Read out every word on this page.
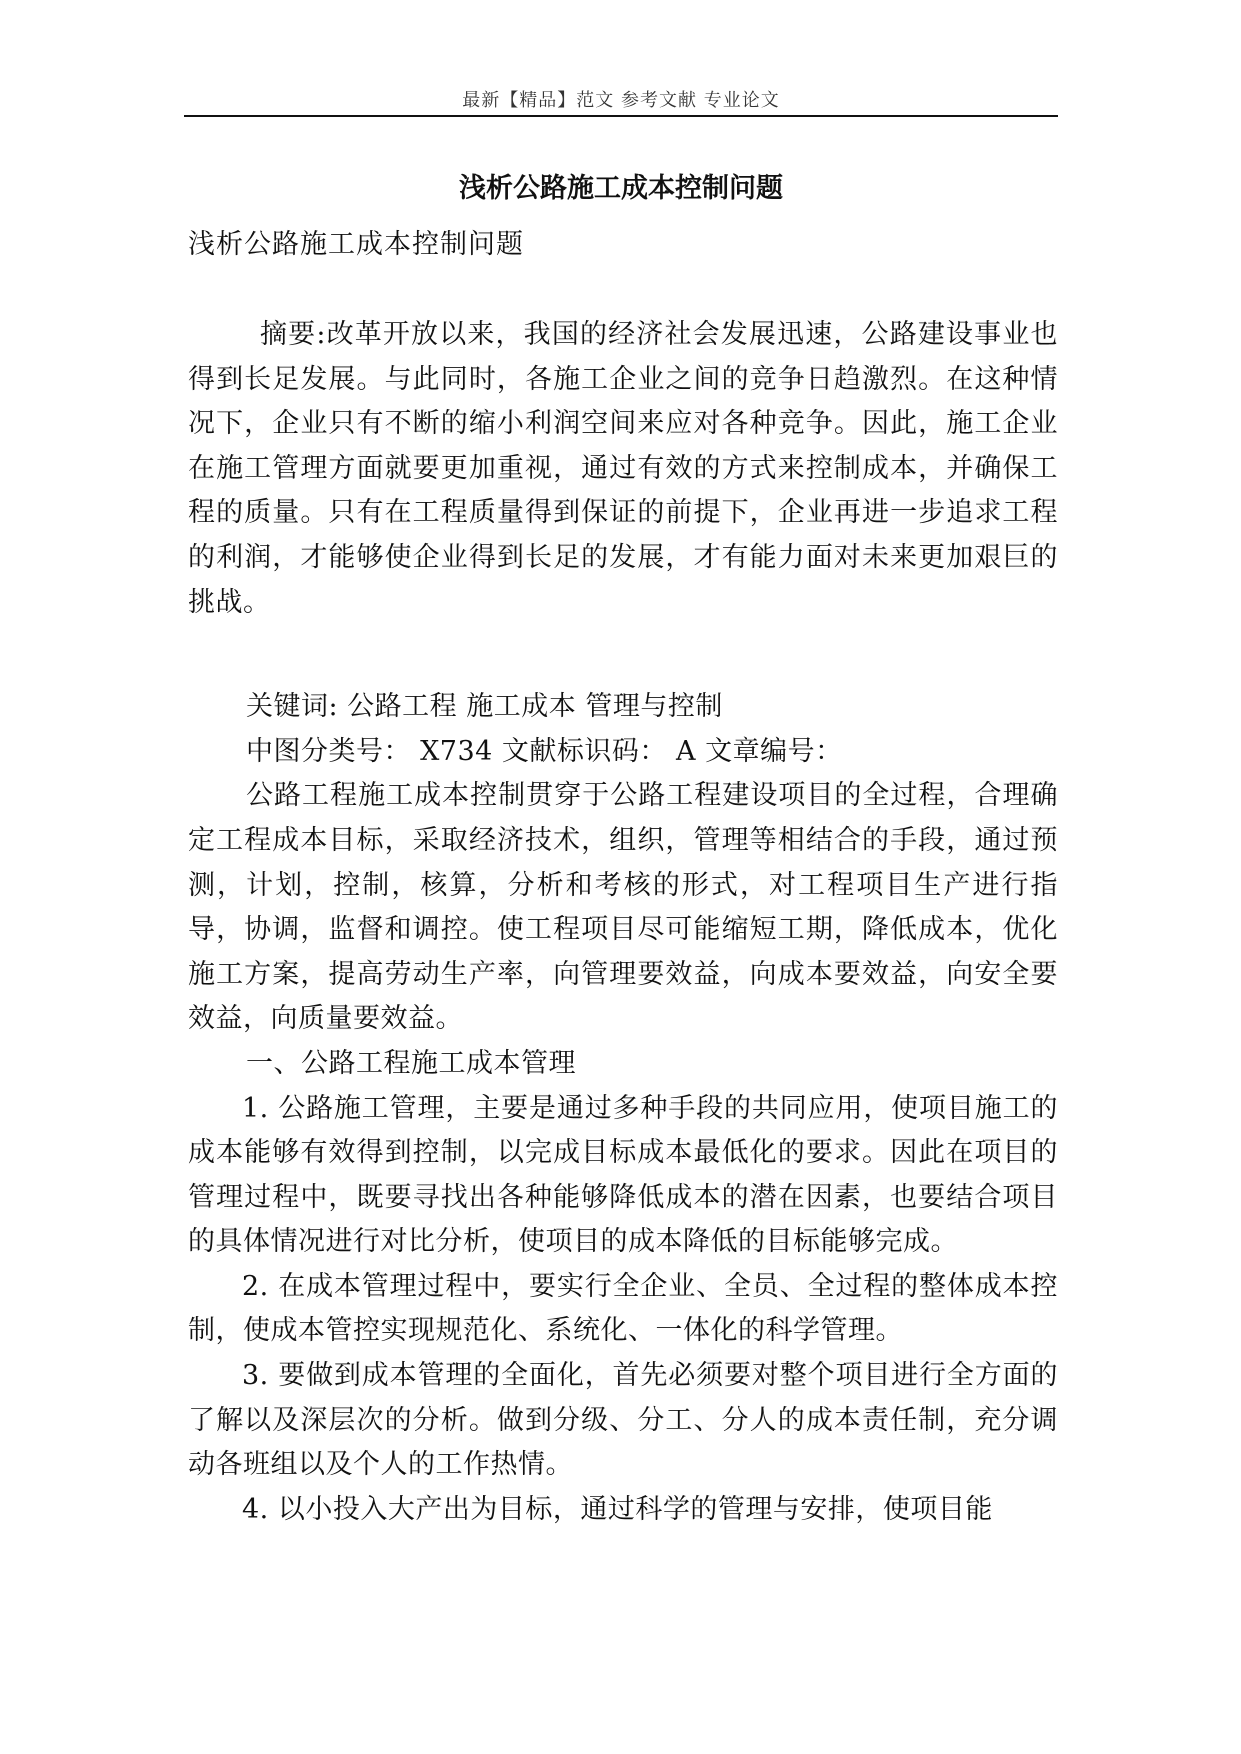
最新【精品】范文 参考文献 专业论文
浅析公路施工成本控制问题
浅析公路施工成本控制问题

摘要:改革开放以来，我国的经济社会发展迅速，公路建设事业也得到长足发展。与此同时，各施工企业之间的竞争日趋激烈。在这种情况下，企业只有不断的缩小利润空间来应对各种竞争。因此，施工企业在施工管理方面就要更加重视，通过有效的方式来控制成本，并确保工程的质量。只有在工程质量得到保证的前提下，企业再进一步追求工程的利润，才能够使企业得到长足的发展，才有能力面对未来更加艰巨的挑战。

关键词: 公路工程 施工成本 管理与控制

中图分类号： X734 文献标识码： A 文章编号：

公路工程施工成本控制贯穿于公路工程建设项目的全过程，合理确定工程成本目标，采取经济技术，组织，管理等相结合的手段，通过预测，计划，控制，核算，分析和考核的形式，对工程项目生产进行指导，协调，监督和调控。使工程项目尽可能缩短工期，降低成本，优化施工方案，提高劳动生产率，向管理要效益，向成本要效益，向安全要效益，向质量要效益。

一、公路工程施工成本管理

1. 公路施工管理，主要是通过多种手段的共同应用，使项目施工的成本能够有效得到控制，以完成目标成本最低化的要求。因此在项目的管理过程中，既要寻找出各种能够降低成本的潜在因素，也要结合项目的具体情况进行对比分析，使项目的成本降低的目标能够完成。

2. 在成本管理过程中，要实行全企业、全员、全过程的整体成本控制，使成本管控实现规范化、系统化、一体化的科学管理。

3. 要做到成本管理的全面化，首先必须要对整个项目进行全方面的了解以及深层次的分析。做到分级、分工、分人的成本责任制，充分调动各班组以及个人的工作热情。

4. 以小投入大产出为目标，通过科学的管理与安排，使项目能
